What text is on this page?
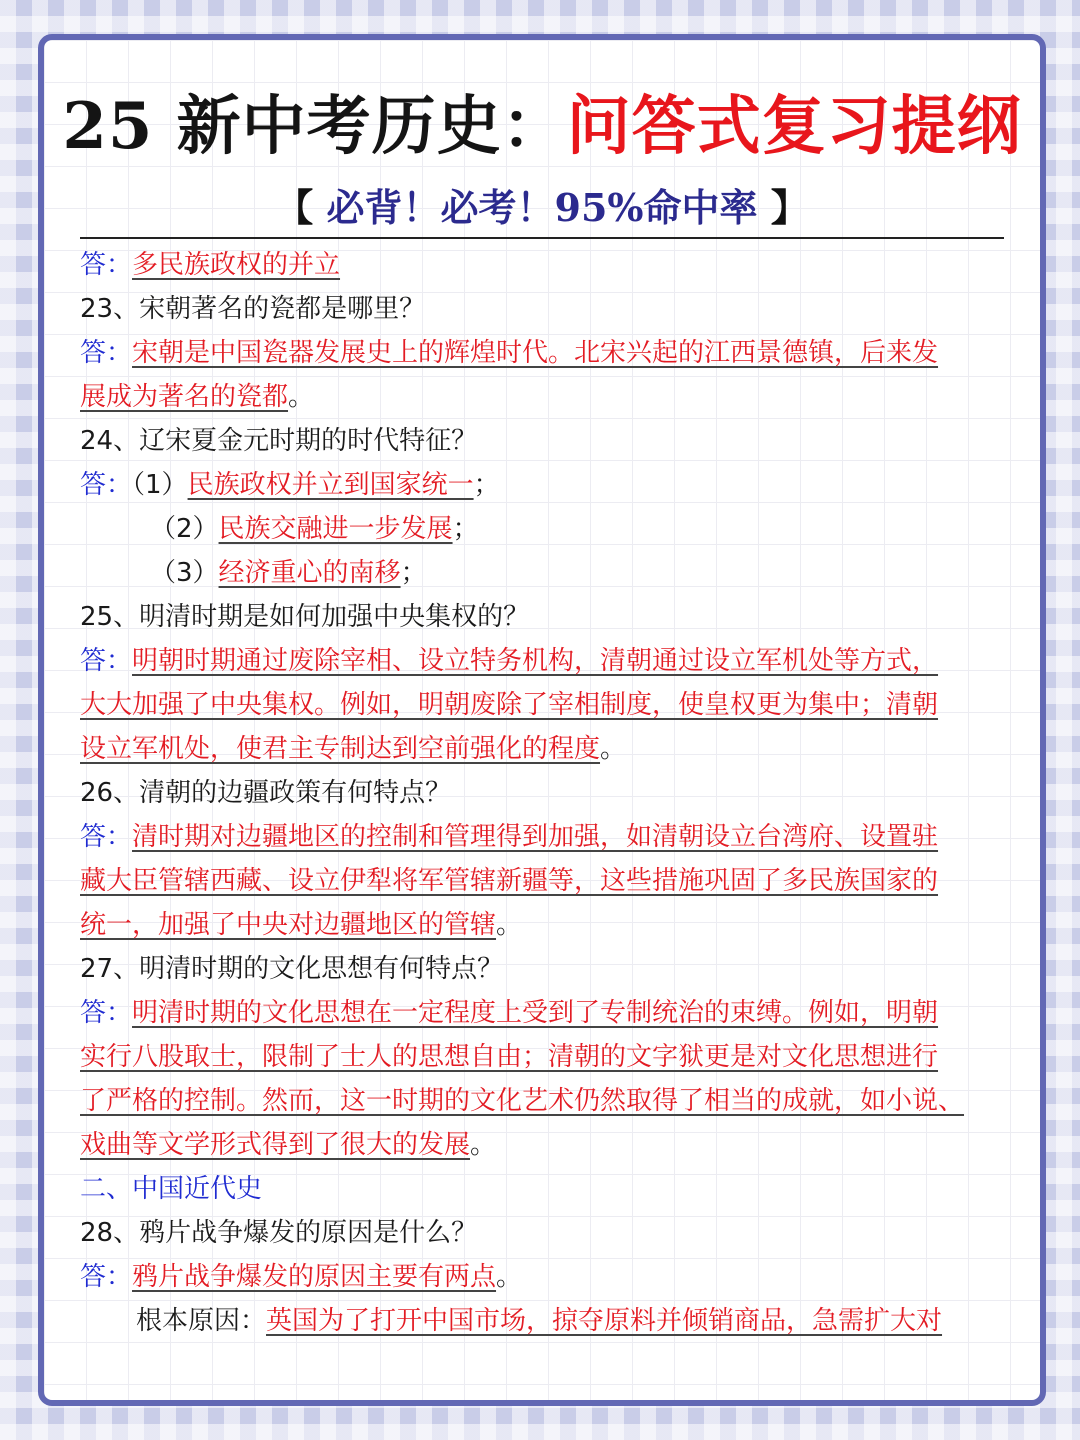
25 新中考历史：问答式复习提纲
【 必背！必考！95%命中率 】
答：多民族政权的并立
23、宋朝著名的瓷都是哪里？
答：宋朝是中国瓷器发展史上的辉煌时代。北宋兴起的江西景德镇，后来发
展成为著名的瓷都。
24、辽宋夏金元时期的时代特征？
答：（1）民族政权并立到国家统一；
（2）民族交融进一步发展；
（3）经济重心的南移；
25、明清时期是如何加强中央集权的？
答：明朝时期通过废除宰相、设立特务机构，清朝通过设立军机处等方式，
大大加强了中央集权。例如，明朝废除了宰相制度，使皇权更为集中；清朝
设立军机处，使君主专制达到空前强化的程度。
26、清朝的边疆政策有何特点？
答：清时期对边疆地区的控制和管理得到加强，如清朝设立台湾府、设置驻
藏大臣管辖西藏、设立伊犁将军管辖新疆等，这些措施巩固了多民族国家的
统一，加强了中央对边疆地区的管辖。
27、明清时期的文化思想有何特点？
答：明清时期的文化思想在一定程度上受到了专制统治的束缚。例如，明朝
实行八股取士，限制了士人的思想自由；清朝的文字狱更是对文化思想进行
了严格的控制。然而，这一时期的文化艺术仍然取得了相当的成就，如小说、
戏曲等文学形式得到了很大的发展。
二、中国近代史
28、鸦片战争爆发的原因是什么？
答：鸦片战争爆发的原因主要有两点。
根本原因：英国为了打开中国市场，掠夺原料并倾销商品，急需扩大对
